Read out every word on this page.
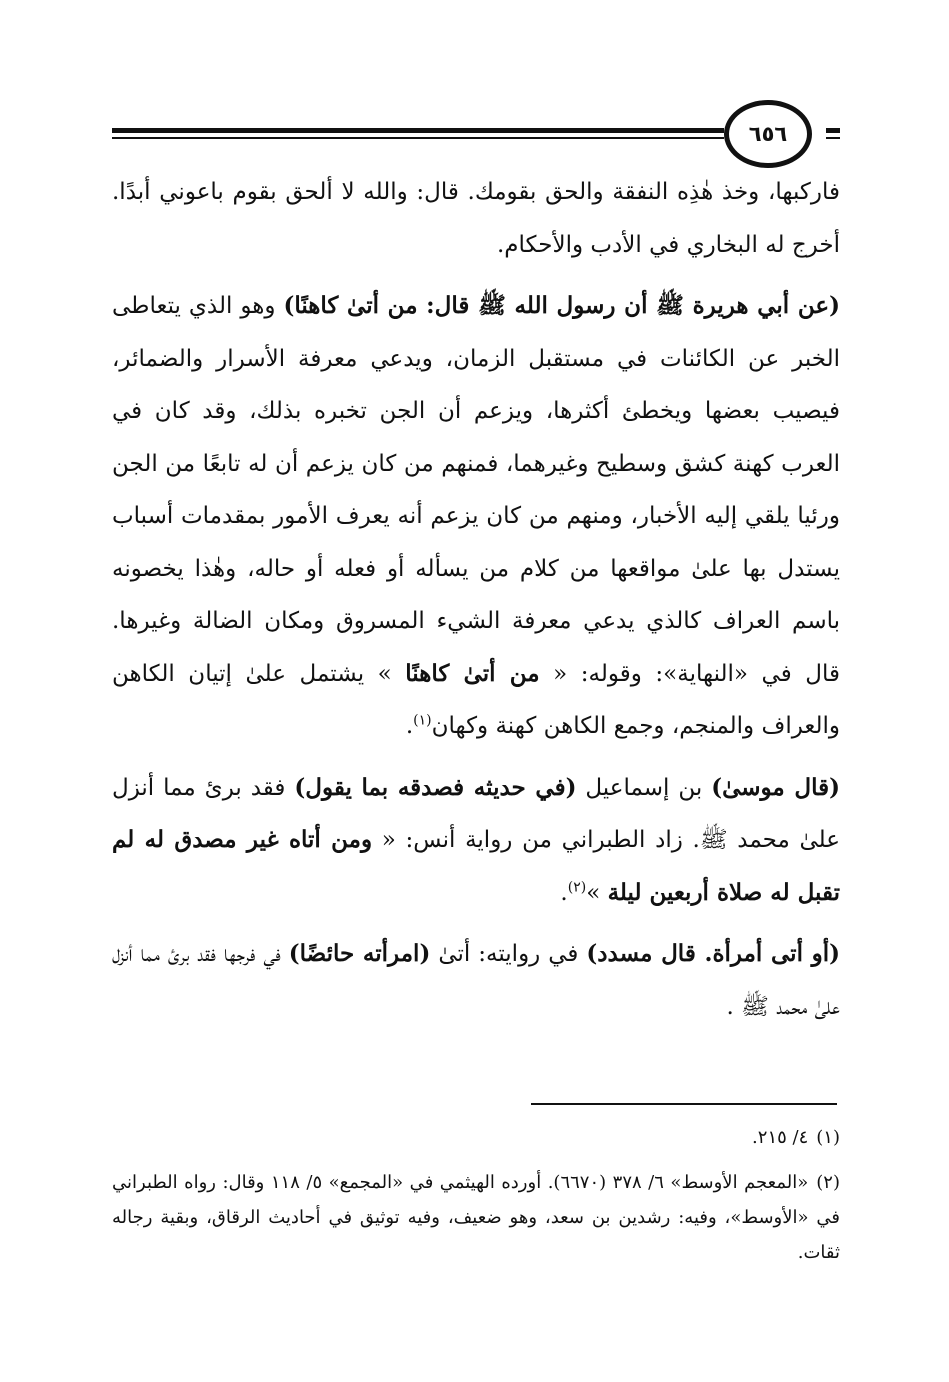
٦٥٦

فاركبها، وخذ هٰذِه النفقة والحق بقومك. قال: والله لا ألحق بقوم باعوني أبدًا. أخرج له البخاري في الأدب والأحكام.

(عن أبي هريرة ﷺ أن رسول الله ﷺ قال: من أتىٰ كاهنًا) وهو الذي يتعاطى الخبر عن الكائنات في مستقبل الزمان، ويدعي معرفة الأسرار والضمائر، فيصيب بعضها ويخطئ أكثرها، ويزعم أن الجن تخبره بذلك، وقد كان في العرب كهنة كشق وسطيح وغيرهما، فمنهم من كان يزعم أن له تابعًا من الجن ورئيا يلقي إليه الأخبار، ومنهم من كان يزعم أنه يعرف الأمور بمقدمات أسباب يستدل بها علىٰ مواقعها من كلام من يسأله أو فعله أو حاله، وهٰذا يخصونه باسم العراف كالذي يدعي معرفة الشيء المسروق ومكان الضالة وغيرها. قال في «النهاية»: وقوله: « من أتىٰ كاهنًا » يشتمل علىٰ إتيان الكاهن والعراف والمنجم، وجمع الكاهن كهنة وكهان$^{(١)}$.

(قال موسىٰ) بن إسماعيل (في حديثه فصدقه بما يقول) فقد برئ مما أنزل علىٰ محمد ﷺ. زاد الطبراني من رواية أنس: « ومن أتاه غير مصدق له لم تقبل له صلاة أربعين ليلة »$^{(٢)}$.

(أو أتى أمرأة. قال مسدد) في روايته: أتىٰ (امرأته حائضًا) في فرجها فقد برئ مما أنزل علىٰ محمد ﷺ .

(١)٤/ ٢١٥.

(٢)«المعجم الأوسط» ٦/ ٣٧٨ (٦٦٧٠). أورده الهيثمي في «المجمع» ٥/ ١١٨ وقال: رواه الطبراني في «الأوسط»، وفيه: رشدين بن سعد، وهو ضعيف، وفيه توثيق في أحاديث الرقاق، وبقية رجاله ثقات.
